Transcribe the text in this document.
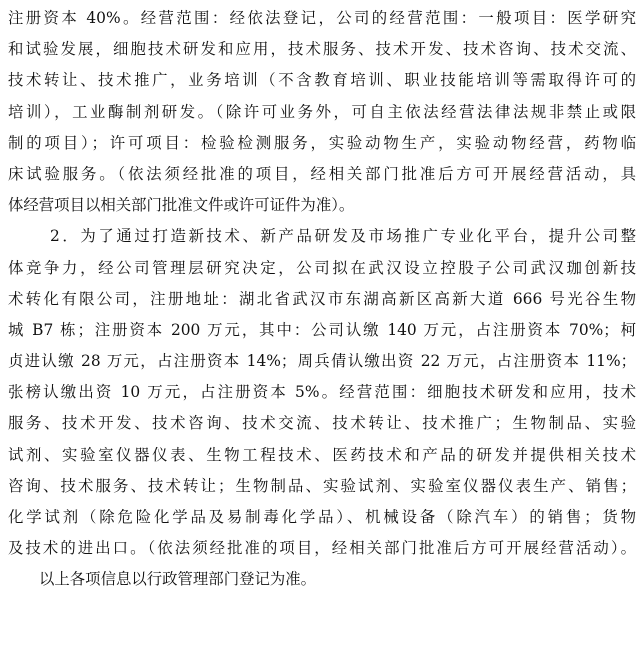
注册资本 40%。经营范围：经依法登记，公司的经营范围：一般项目：医学研究
和试验发展，细胞技术研发和应用，技术服务、技术开发、技术咨询、技术交流、
技术转让、技术推广，业务培训（不含教育培训、职业技能培训等需取得许可的
培训），工业酶制剂研发。（除许可业务外，可自主依法经营法律法规非禁止或限
制的项目）；许可项目：检验检测服务，实验动物生产，实验动物经营，药物临
床试验服务。（依法须经批准的项目，经相关部门批准后方可开展经营活动，具
体经营项目以相关部门批准文件或许可证件为准）。
2．为了通过打造新技术、新产品研发及市场推广专业化平台，提升公司整
体竞争力，经公司管理层研究决定，公司拟在武汉设立控股子公司武汉珈创新技
术转化有限公司，注册地址：湖北省武汉市东湖高新区高新大道 666 号光谷生物
城 B7 栋；注册资本 200 万元，其中：公司认缴 140 万元，占注册资本 70%；柯
贞进认缴 28 万元，占注册资本 14%；周兵倩认缴出资 22 万元，占注册资本 11%；
张榜认缴出资 10 万元，占注册资本 5%。经营范围：细胞技术研发和应用，技术
服务、技术开发、技术咨询、技术交流、技术转让、技术推广；生物制品、实验
试剂、实验室仪器仪表、生物工程技术、医药技术和产品的研发并提供相关技术
咨询、技术服务、技术转让；生物制品、实验试剂、实验室仪器仪表生产、销售；
化学试剂（除危险化学品及易制毒化学品）、机械设备（除汽车）的销售；货物
及技术的进出口。（依法须经批准的项目，经相关部门批准后方可开展经营活动）。
以上各项信息以行政管理部门登记为准。
